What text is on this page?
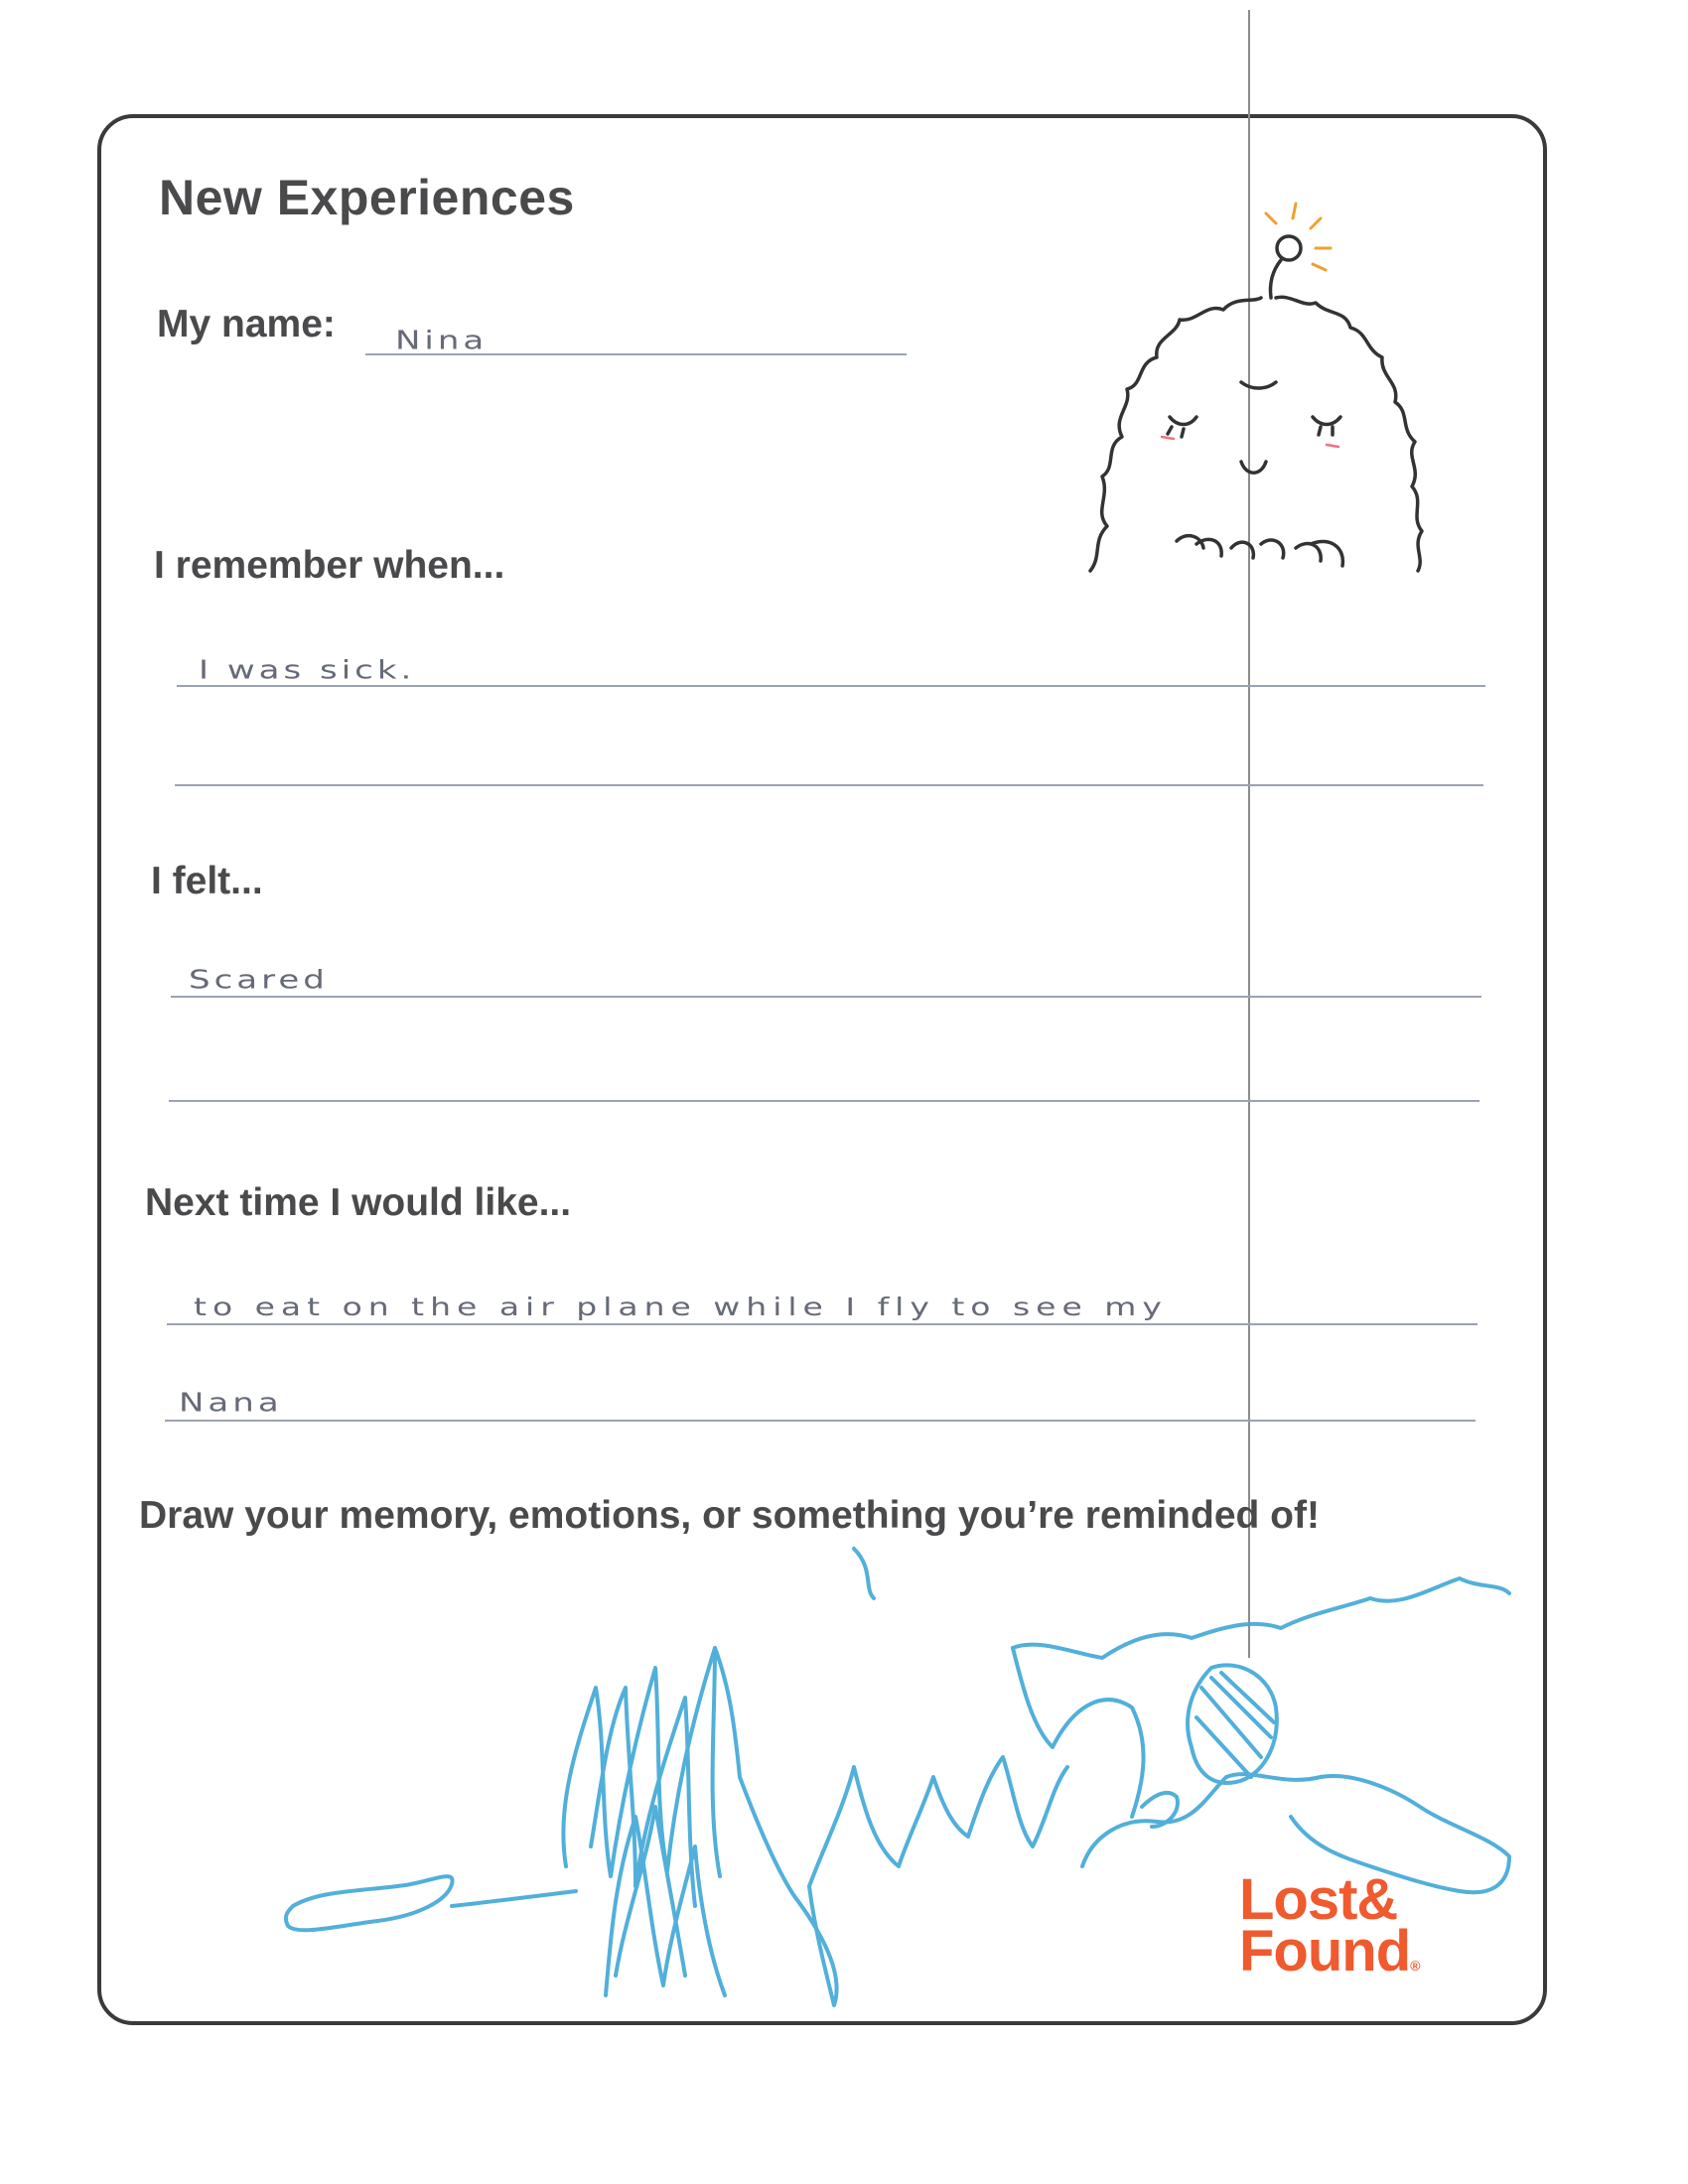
New Experiences
My name: Nina
I remember when...
I was sick.
I felt...
Scared
Next time I would like...
to eat on the air plane while I fly to see my
Nana
Draw your memory, emotions, or something you’re reminded of!
Lost&
Found®
